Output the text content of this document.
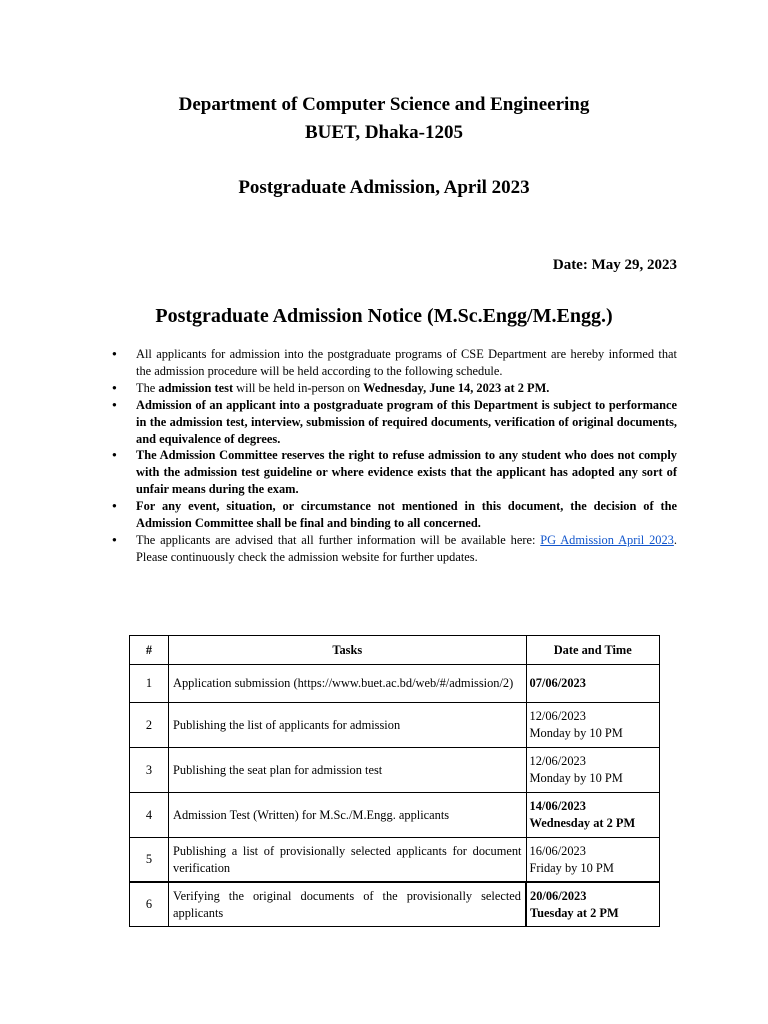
Department of Computer Science and Engineering
BUET, Dhaka-1205
Postgraduate Admission, April 2023
Date: May 29, 2023
Postgraduate Admission Notice (M.Sc.Engg/M.Engg.)
● All applicants for admission into the postgraduate programs of CSE Department are hereby informed that the admission procedure will be held according to the following schedule.
● The admission test will be held in-person on Wednesday, June 14, 2023 at 2 PM.
● Admission of an applicant into a postgraduate program of this Department is subject to performance in the admission test, interview, submission of required documents, verification of original documents, and equivalence of degrees.
● The Admission Committee reserves the right to refuse admission to any student who does not comply with the admission test guideline or where evidence exists that the applicant has adopted any sort of unfair means during the exam.
● For any event, situation, or circumstance not mentioned in this document, the decision of the Admission Committee shall be final and binding to all concerned.
● The applicants are advised that all further information will be available here: PG Admission April 2023. Please continuously check the admission website for further updates.
#	Tasks	Date and Time
1	Application submission (https://www.buet.ac.bd/web/#/admission/2)	07/06/2023

2	Publishing the list of applicants for admission	12/06/2023
Monday by 10 PM

3	Publishing the seat plan for admission test	12/06/2023
Monday by 10 PM

4	Admission Test (Written) for M.Sc./M.Engg. applicants	14/06/2023
Wednesday at 2 PM

5	Publishing a list of provisionally selected applicants for document verification	16/06/2023
Friday by 10 PM

6	Verifying the original documents of the provisionally selected applicants	20/06/2023
Tuesday at 2 PM
